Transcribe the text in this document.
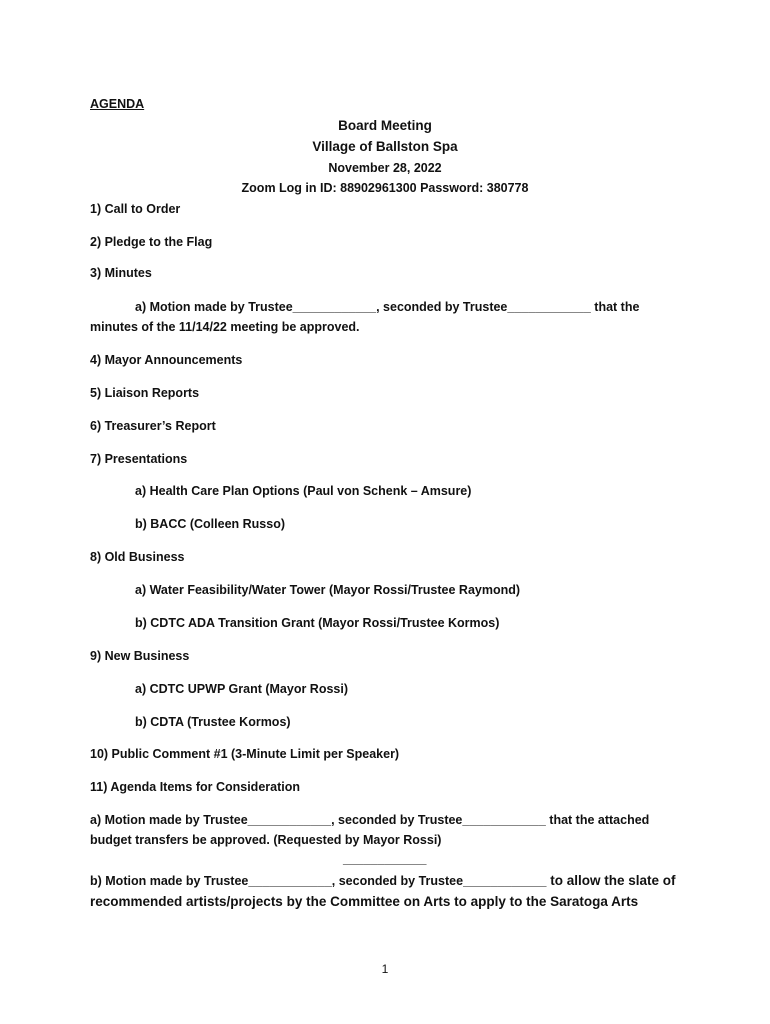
AGENDA
Board Meeting
Village of Ballston Spa
November 28, 2022
Zoom Log in ID: 88902961300 Password: 380778
1) Call to Order
2) Pledge to the Flag
3) Minutes
a) Motion made by Trustee____________, seconded by Trustee____________ that the
minutes of the 11/14/22 meeting be approved.
4) Mayor Announcements
5) Liaison Reports
6) Treasurer’s Report
7) Presentations
a) Health Care Plan Options (Paul von Schenk – Amsure)
b) BACC (Colleen Russo)
8) Old Business
a) Water Feasibility/Water Tower (Mayor Rossi/Trustee Raymond)
b) CDTC ADA Transition Grant (Mayor Rossi/Trustee Kormos)
9) New Business
a) CDTC UPWP Grant (Mayor Rossi)
b) CDTA (Trustee Kormos)
10) Public Comment #1 (3-Minute Limit per Speaker)
11) Agenda Items for Consideration
a) Motion made by Trustee____________, seconded by Trustee____________ that the attached
budget transfers be approved. (Requested by Mayor Rossi)
____________
b) Motion made by Trustee____________, seconded by Trustee____________ to allow the slate of
recommended artists/projects by the Committee on Arts to apply to the Saratoga Arts
1
